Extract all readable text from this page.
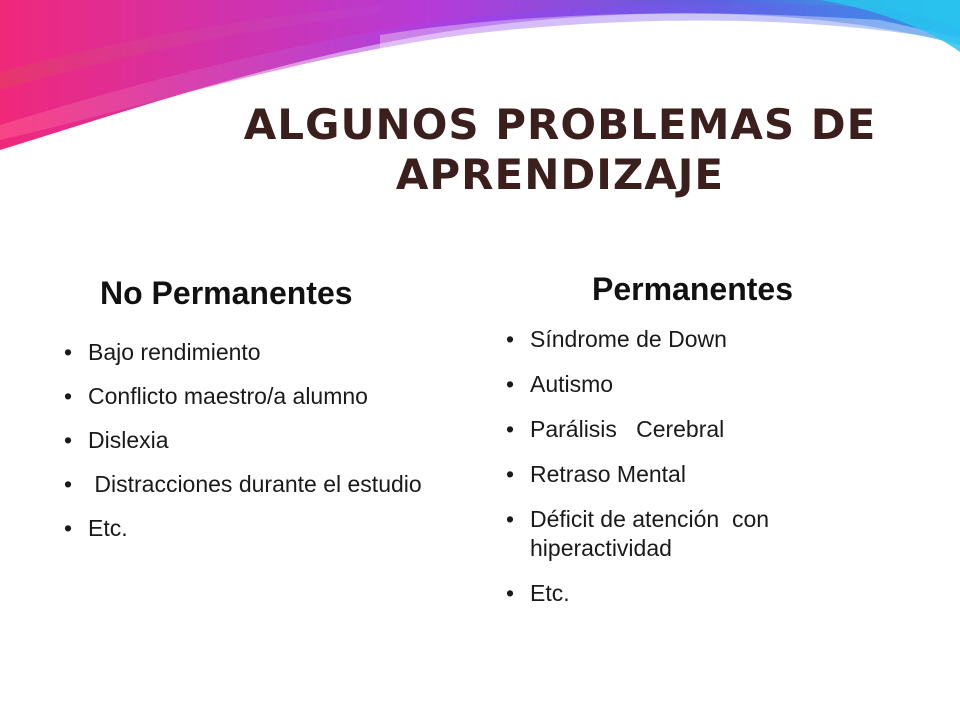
ALGUNOS PROBLEMAS DE APRENDIZAJE
No Permanentes
• Bajo rendimiento
• Conflicto maestro/a alumno
• Dislexia
•  Distracciones durante el estudio
• Etc.
Permanentes
• Síndrome de Down
• Autismo
• Parálisis   Cerebral
• Retraso Mental
• Déficit de atención  con hiperactividad
• Etc.
